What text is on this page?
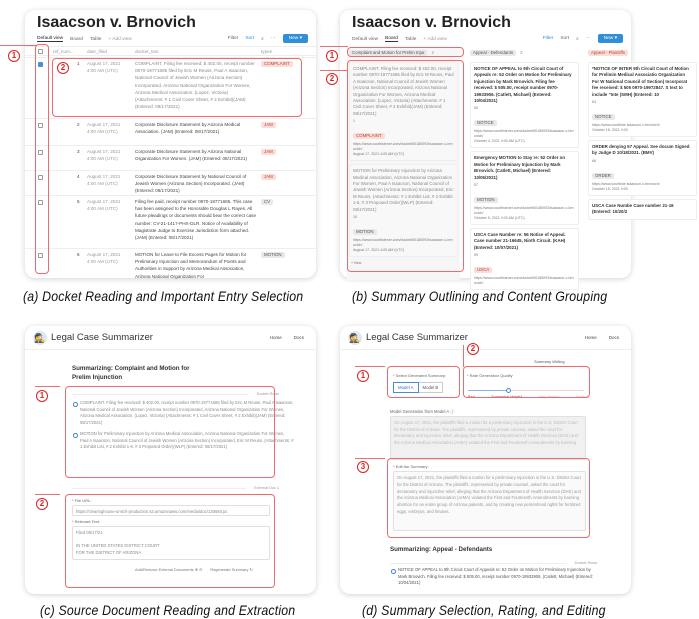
Isaacson v. Brnovich
Default view Board Table + Add view	Filter Sort ⌕ ···	New ▾
ref_num...	date_filed	docket_text	types
1 August 17, 2021 4:00 AM (UTC)
COMPLAINT. Filing fee received: $ 402.00, receipt number 0970-19771685 filed by Eric M Reuss, Paul A Isaacson, National Council of Jewish Women (Arizona Section) Incorporated, Arizona National Organization For Women, Arizona Medical Association. (Lopez, Victoria) (Attachments: # 1 Civil Cover Sheet, # 2 Exhibit)(JAM) (Entered: 08/17/2021)
COMPLAINT
2 August 17, 2021 4:00 AM (UTC)
Corporate Disclosure Statement by Arizona Medical Association. (JAM) (Entered: 08/17/2021)
JAM
3 August 17, 2021 4:00 AM (UTC)
Corporate Disclosure Statement by Arizona National Organization For Women. (JAM) (Entered: 08/17/2021)
JAM
4 August 17, 2021 4:00 AM (UTC)
Corporate Disclosure Statement by National Council of Jewish Women (Arizona Section) Incorporated. (JAM) (Entered: 08/17/2021)
JAM
5 August 17, 2021 4:00 AM (UTC)
Filing fee paid, receipt number 0970-19771685. This case has been assigned to the Honorable Douglas L Rayes. All future pleadings or documents should bear the correct case number: CV-21-1417-PHX-DLR. Notice of Availability of Magistrate Judge to Exercise Jurisdiction form attached. (JAM) (Entered: 08/17/2021)
CV
6 August 17, 2021 4:00 AM (UTC)
MOTION for Leave to File Excess Pages for Motion for Preliminary Injunction and Memorandum of Points and Authorities in Support by Arizona Medical Association, Arizona National Organization For
MOTION
1
2
(a) Docket Reading and Important Entry Selection
Isaacson v. Brnovich
Default view Board Table + Add view	Filter Sort ⌕ ···	New ▾
Complaint and Motion for Prelim Injur 2
COMPLAINT. Filing fee received: $ 402.00, receipt number 0970-19771685 filed by Eric M Reuss, Paul A Isaacson, National Council of Jewish Women (Arizona Section) Incorporated, Arizona National Organization For Women, Arizona Medical Association. (Lopez, Victoria) (Attachments: # 1 Civil Cover Sheet, # 2 Exhibit)(JAM) (Entered: 08/17/2021)
1
COMPLAINT
https://www.courtlistener.com/docket/60185093/isaacson-v-brnovich/
August 17, 2021 4:00 AM (UTC)
MOTION for Preliminary Injunction by Arizona Medical Association, Arizona National Organization For Women, Paul A Isaacson, National Council of Jewish Women (Arizona Section) Incorporated, Eric M Reuss. (Attachments: # 1 Exhibit List, # 2 Exhibit 1-6, # 3 Proposed Order)(WLP) (Entered: 08/17/2021)
10
MOTION
https://www.courtlistener.com/docket/60185093/isaacson-v-brnovich/
August 17, 2021 4:00 AM (UTC)
+ New
Appeal - Defendants 3
NOTICE OF APPEAL to 9th Circuit Court of Appeals re: 52 Order on Motion for Preliminary Injunction by Mark Brnovich. Filing fee received: $ 505.00, receipt number 0970-19933906. (Catlett, Michael) (Entered: 10/04/2021)
55
NOTICE
https://www.courtlistener.com/docket/60185093/isaacson-v-brnovich/
October 4, 2021 4:00 AM (UTC)
Emergency MOTION to Stay re: 52 Order on Motion for Preliminary Injunction by Mark Brnovich. (Catlett, Michael) (Entered: 10/05/2021)
57
MOTION
https://www.courtlistener.com/docket/60185093/isaacson-v-brnovich/
October 5, 2021 4:00 AM (UTC)
USCA Case Number re: 56 Notice of Appeal. Case number 21-16645, Ninth Circuit. (KAH) (Entered: 10/07/2021)
59
USCA
https://www.courtlistener.com/docket/60185093/isaacson-v-brnovich/
Appeal - Plaintiffs
*NOTICE OF INTER 9th Circuit Court of Motion for Prelimin Medical Associatio Organization For W National Council of Section) Incorporat fee received: $ 505 0970-19972847. S text to include "Inte (SMH) (Entered: 10
63
NOTICE
https://www.courtliste isaacson-v-brnovich/
October 18, 2021 4:00
ORDER denying 57 Appeal. See docum Signed by Judge D 10/18/2021. (BMV)
66
ORDER
https://www.courtliste isaacson-v-brnovich/
October 18, 2021 4:00
USCA Case Numbe Case number 21-16 (Entered: 10/20/2
1
2
(b) Summary Outlining and Content Grouping
🕵 Legal Case Summarizer	Home	Docs
Summarizing: Complaint and Motion for Prelim Injunction
Docket Rows
COMPLAINT. Filing fee received: $ 402.00, receipt number 0970-19771685 filed by Eric M Reuss, Paul A Isaacson, National Council of Jewish Women (Arizona Section) Incorporated, Arizona National Organization For Women, Arizona Medical Association. (Lopez, Victoria) (Attachments: # 1 Civil Cover Sheet, # 2 Exhibit)(JAM) (Entered: 08/17/2021)
MOTION for Preliminary Injunction by Arizona Medical Association, Arizona National Organization For Women, Paul A Isaacson, National Council of Jewish Women (Arizona Section) Incorporated, Eric M Reuss. (Attachments: # 1 Exhibit List, # 2 Exhibit 1-6, # 3 Proposed Order)(WLP) (Entered: 08/17/2021)
External Doc 1
* File URL:
https://clearinghouse-umich-production.s3.amazonaws.com/media/doc/130693.pc
* Relevant Text:
Filed 08/17/21
IN THE UNITED STATES DISTRICT COURT
FOR THE DISTRICT OF ARIZONA
Add/Remove External Documents ⊕ ⊖ Regenerate Summary ↻
1
2
(c) Source Document Reading and Extraction
🕵 Legal Case Summarizer	Home	Docs
Summary Writing
* Select Generated Summary:
Model A	Model B
* Rate Generation Quality
Bad	Somewhat Helpful	Very Helpful	Perfect
Model Generation from Model A ⓘ
On August 17, 2021, the plaintiffs filed a motion for a preliminary injunction in the U.S. District Court for the District of Arizona. The plaintiffs, represented by private counsel, asked the court for declaratory and injunctive relief, alleging that the Arizona Department of Health Services (DHS) and the Arizona Medical Association (ArMA) violated the First and Fourteenth Amendments by banning
* Edit the Summary:
On August 17, 2021, the plaintiffs filed a motion for a preliminary injunction in the U.S. District Court for the District of Arizona. The plaintiffs, represented by private counsel, asked the court for declaratory and injunctive relief, alleging that the Arizona Department of Health Services (DHS) and the Arizona Medical Association (ArMA) violated the First and Fourteenth Amendments by banning abortion for an entire group of Arizona patients, and by creating new personhood rights for fertilized eggs, embryos, and fetuses.
Summarizing: Appeal - Defendants
Docket Rows
NOTICE OF APPEAL to 9th Circuit Court of Appeals re: 52 Order on Motion for Preliminary Injunction by Mark Brnovich. Filing fee received: $ 505.00, receipt number 0970-19933906. (Catlett, Michael) (Entered: 10/04/2021)
1
2
3
(d) Summary Selection, Rating, and Editing
